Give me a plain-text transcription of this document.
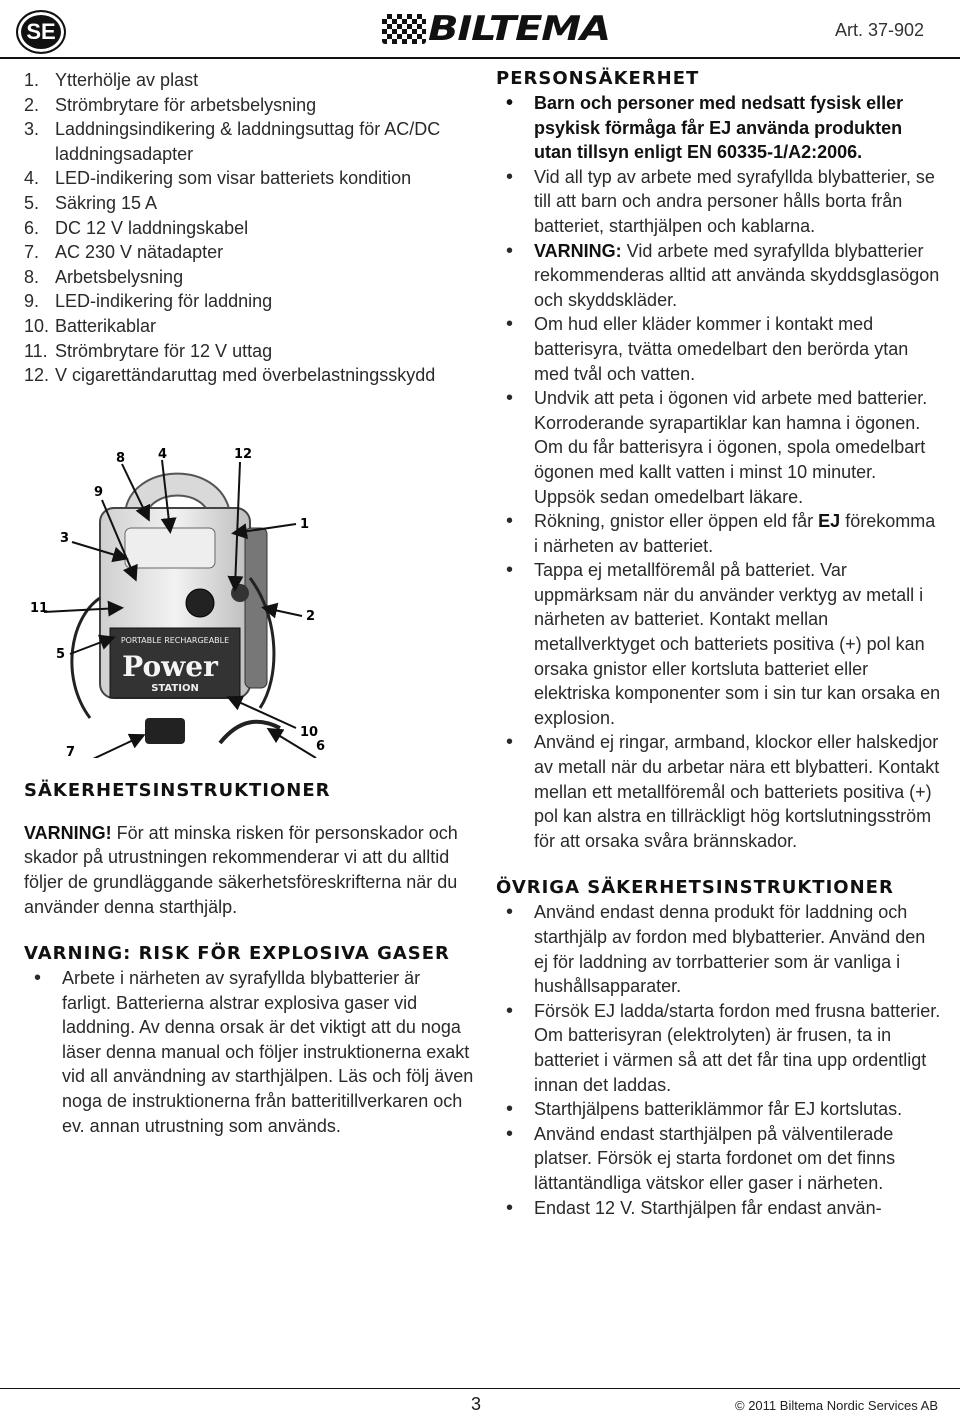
SE	BILTEMA	Art. 37-902
1. Ytterhölje av plast
2. Strömbrytare för arbetsbelysning
3. Laddningsindikering & laddningsuttag för AC/DC laddningsadapter
4. LED-indikering som visar batteriets kondition
5. Säkring 15 A
6. DC 12 V laddningskabel
7. AC 230 V nätadapter
8. Arbetsbelysning
9. LED-indikering för laddning
10. Batterikablar
11. Strömbrytare för 12 V uttag
12. V cigarettändaruttag med överbelastningsskydd
PORTABLE RECHARGEABLE
Power
STATION
8	4	12
9
1
3
11
2
5
10
7	6
SÄKERHETSINSTRUKTIONER

VARNING! För att minska risken för personskador och skador på utrustningen rekommenderar vi att du alltid följer de grundläggande säkerhetsföreskrifterna när du använder denna starthjälp.

VARNING: RISK FÖR EXPLOSIVA GASER
• Arbete i närheten av syrafyllda blybatterier är farligt. Batterierna alstrar explosiva gaser vid laddning. Av denna orsak är det viktigt att du noga läser denna manual och följer instruktionerna exakt vid all användning av starthjälpen. Läs och följ även noga de instruktionerna från batteritillverkaren och ev. annan utrustning som används.
PERSONSÄKERHET
• Barn och personer med nedsatt fysisk eller psykisk förmåga får EJ använda produkten utan tillsyn enligt EN 60335-1/A2:2006.
• Vid all typ av arbete med syrafyllda blybatterier, se till att barn och andra personer hålls borta från batteriet, starthjälpen och kablarna.
• VARNING: Vid arbete med syrafyllda blybatterier rekommenderas alltid att använda skyddsglasögon och skyddskläder.
• Om hud eller kläder kommer i kontakt med batterisyra, tvätta omedelbart den berörda ytan med tvål och vatten.
• Undvik att peta i ögonen vid arbete med batterier. Korroderande syrapartiklar kan hamna i ögonen. Om du får batterisyra i ögonen, spola omedelbart ögonen med kallt vatten i minst 10 minuter. Uppsök sedan omedelbart läkare.
• Rökning, gnistor eller öppen eld får EJ förekomma i närheten av batteriet.
• Tappa ej metallföremål på batteriet. Var uppmärksam när du använder verktyg av metall i närheten av batteriet. Kontakt mellan metallverktyget och batteriets positiva (+) pol kan orsaka gnistor eller kortsluta batteriet eller elektriska komponenter som i sin tur kan orsaka en explosion.
• Använd ej ringar, armband, klockor eller halskedjor av metall när du arbetar nära ett blybatteri. Kontakt mellan ett metallföremål och batteriets positiva (+) pol kan alstra en tillräckligt hög kortslutningsström för att orsaka svåra brännskador.
ÖVRIGA SÄKERHETSINSTRUKTIONER
• Använd endast denna produkt för laddning och starthjälp av fordon med blybatterier. Använd den ej för laddning av torrbatterier som är vanliga i hushållsapparater.
• Försök EJ ladda/starta fordon med frusna batterier. Om batterisyran (elektrolyten) är frusen, ta in batteriet i värmen så att det får tina upp ordentligt innan det laddas.
• Starthjälpens batteriklämmor får EJ kortslutas.
• Använd endast starthjälpen på välventilerade platser. Försök ej starta fordonet om det finns lättantändliga vätskor eller gaser i närheten.
• Endast 12 V. Starthjälpen får endast använ-
3	© 2011 Biltema Nordic Services AB
